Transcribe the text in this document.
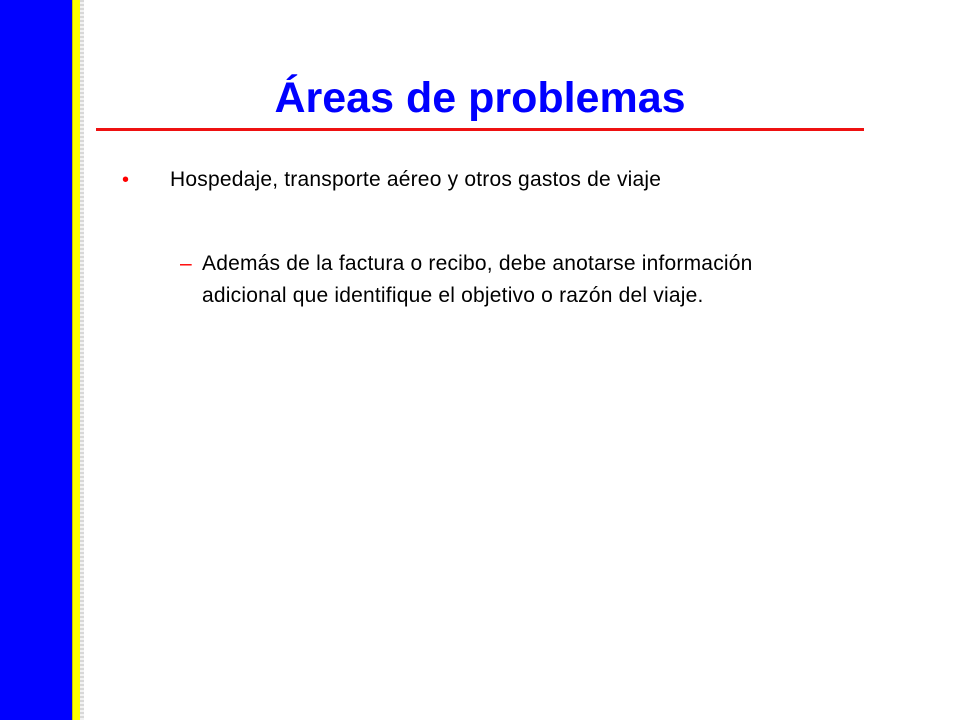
Áreas de problemas
•	Hospedaje, transporte aéreo y otros gastos de viaje
– Además de la factura o recibo, debe anotarse información adicional que identifique el objetivo o razón del viaje.
